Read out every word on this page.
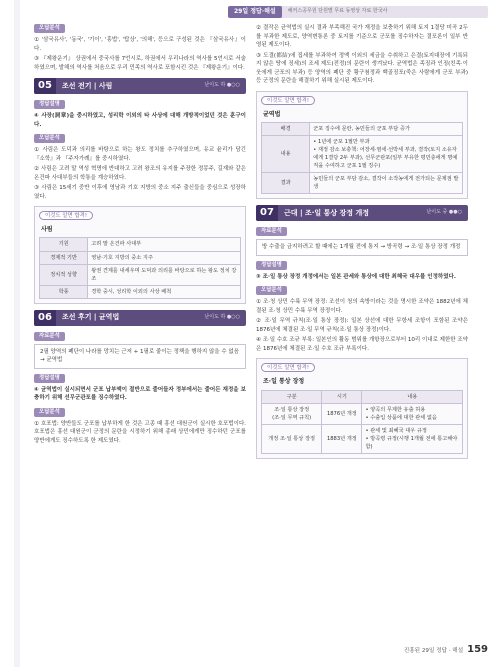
29일 정답·해설	해커스공무원 단원별 무료 동영상 자료 한국사
오답분석

① '삼국유사', '동국', '기이', '흥법', '탑상', '의해', 등으로 구성된 것은 『삼국유사』이다.

③ 『제왕운기』 상권에서 중국사를 7언시로, 하권에서 우리나라의 역사를 5언시로 서술하였으며, 발해의 역사를 처음으로 우리 민족의 역사로 포함시킨 것은 『제왕운기』이다.

05	조선 전기 | 사림	난이도 하 ●○○
정답설명

④ 사장(詞章)을 중시하였고, 성리학 이외의 타 사상에 대해 개방적이었던 것은 훈구이다.

오답분석

① 사림은 도덕과 의리를 바탕으로 하는 왕도 정치를 추구하였으며, 유교 윤리가 담긴 『소학』과 『주자가례』를 중시하였다.

② 사림은 고려 말 역성 혁명에 반대하고 고려 왕조의 유지를 주장한 정몽주, 길재와 같은 온건파 사대부들의 학통을 계승하였다.

③ 사림은 15세기 중반 이후에 영남과 기호 지방의 중소 지주 출신들을 중심으로 성장하였다.

이것도 알면 합격!
사림
기원	고려 말 온건파 사대부
경제적 기반	영남·기호 지방의 중소 지주
정치적 성향	왕권 견제를 내세우며 도덕과 의리를 바탕으로 하는 왕도 정치 강조
학풍	경학 중시, 성리학 이외의 사상 배척
06	조선 후기 | 균역법	난이도 하 ●○○
자료분석
2필 양역의 폐단이 나라를 망치는 근저 + 1필로 줄이는 정책을 행하지 않을 수 없음 → 균역법
정답설명

④ 균역법이 실시되면서 군포 납부액이 절반으로 줄어들자 정부에서는 줄어든 재정을 보충하기 위해 선무군관포를 징수하였다.

오답분석

① 호포법: 양반들도 군포를 납부하게 한 것은 고종 때 흥선 대원군이 실시한 호포법이다. 호포법은 흥선 대원군이 군정의 문란을 시정하기 위해 종래 상민에게만 징수하던 군포를 양반에게도 징수하도록 한 제도였다.

② 결작은 균역법의 실시 결과 부족해진 국가 재정을 보충하기 위해 토지 1결당 미곡 2두를 부과한 제도로, 양역변통론 중 토지를 기준으로 군포를 징수하자는 결포론이 일부 반영된 제도이다.

③ 도결(都結)에 집세를 부과하여 정액 이외의 세금을 수취하고 은결(토지대장에 기록되지 않은 땅에 징세)의 조세 제도(전정)의 문란이 생겨났다. 균역법은 족징과 인징(친족·이웃에게 군포의 부과) 등 양역의 폐단 중 황구첨정과 백골징포(죽은 사람에게 군포 부과) 등 군정의 문란을 해결하기 위해 실시된 제도이다.

이것도 알면 합격!
균역법
배경	군포 징수에 문란, 농민들의 군포 부담 증가
내용	• 1년에 군포 1필만 부과
• 재정 감소 보충책: 어장세·염세·선박세 부과, 결작(토지 소유자에게 1결당 2두 부과), 선무군관포(일부 부유한 평민층에게 명예직을 수여하고 군포 1필 징수)
결과	농민들의 군포 부담 감소, 결작이 소작농에게 전가되는 문제점 발생
07	근대 | 조·일 통상 장정 개정	난이도 중 ●●○
자료분석
방 수출을 금지하려고 할 때에는 1개월 전에 통지 → 방곡령 → 조·일 통상 장정 개정
정답설명

③ 조·일 통상 장정 개정에서는 일본 관세와 통상에 대한 최혜국 대우를 인정하였다.

오답분석

① 조·청 상민 수륙 무역 장정: 조선이 청의 속방이라는 것을 명시한 조약은 1882년에 체결된 조·청 상민 수륙 무역 장정이다.

② 조·일 무역 규칙(조·일 통상 장정): 일본 상선에 대한 무항세 조항이 포함된 조약은 1876년에 체결된 조·일 무역 규칙(조·일 통상 장정)이다.

④ 조·일 수호 조규 부록: 일본인의 활동 범위를 개항장으로부터 10리 이내로 제한한 조약은 1876년에 체결된 조·일 수호 조규 부록이다.

이것도 알면 합격!
조·일 통상 장정
구분	시기	내용
조·일 통상 장정
(조·일 무역 규칙)	1876년 개정	• 양곡의 무제한 유출 허용
• 수출입 상품에 대한 관세 없음
개정 조·일 통상 장정	1883년 개정	• 관세 및 최혜국 대우 규정
• 방곡령 규정(시행 1개월 전에 통고해야 함)
진흥된 29일 정답 · 해설 159
